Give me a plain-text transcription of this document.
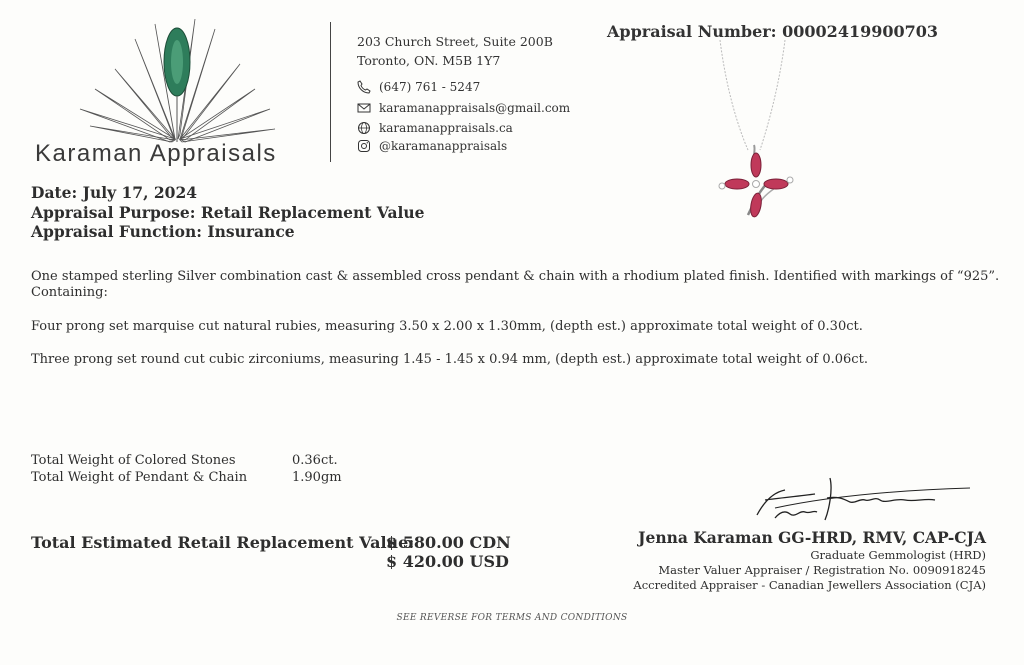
Karaman Appraisals
203 Church Street, Suite 200B
Toronto, ON. M5B 1Y7
(647) 761 - 5247
karamanappraisals@gmail.com
karamanappraisals.ca
@karamanappraisals
Appraisal Number: 00002419900703
Date: July 17, 2024
Appraisal Purpose: Retail Replacement Value
Appraisal Function: Insurance
One stamped sterling Silver combination cast & assembled cross pendant & chain with a rhodium plated finish. Identified with markings of “925”.
Containing:
Four prong set marquise cut natural rubies, measuring 3.50 x 2.00 x 1.30mm, (depth est.) approximate total weight of 0.30ct.
Three prong set round cut cubic zirconiums, measuring 1.45 - 1.45 x 0.94 mm, (depth est.) approximate total weight of 0.06ct.
Total Weight of Colored Stones	0.36ct.
Total Weight of Pendant & Chain	1.90gm
Total Estimated Retail Replacement Value:
$ 580.00 CDN
$ 420.00 USD
Jenna Karaman GG-HRD, RMV, CAP-CJA
Graduate Gemmologist (HRD)
Master Valuer Appraiser / Registration No. 0090918245
Accredited Appraiser - Canadian Jewellers Association (CJA)
SEE REVERSE FOR TERMS AND CONDITIONS
